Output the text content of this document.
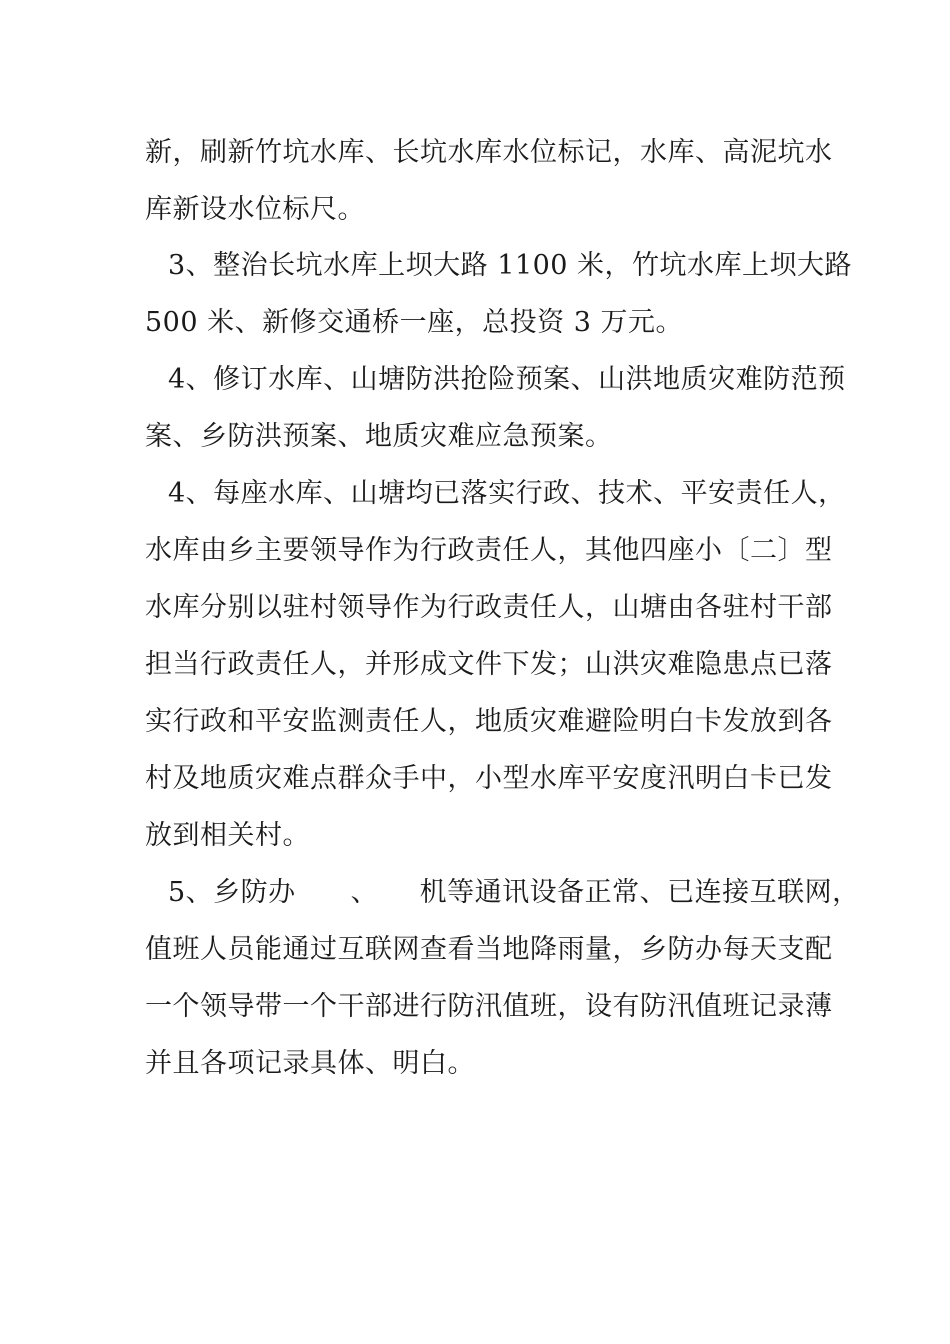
新，刷新竹坑水库、长坑水库水位标记，水库、高泥坑水
库新设水位标尺。
3、整治长坑水库上坝大路 1100 米，竹坑水库上坝大路
500 米、新修交通桥一座，总投资 3 万元。
4、修订水库、山塘防洪抢险预案、山洪地质灾难防范预
案、乡防洪预案、地质灾难应急预案。
4、每座水库、山塘均已落实行政、技术、平安责任人，
水库由乡主要领导作为行政责任人，其他四座小〔二〕型
水库分别以驻村领导作为行政责任人，山塘由各驻村干部
担当行政责任人，并形成文件下发；山洪灾难隐患点已落
实行政和平安监测责任人，地质灾难避险明白卡发放到各
村及地质灾难点群众手中，小型水库平安度汛明白卡已发
放到相关村。
5、乡防办　　、　　机等通讯设备正常、已连接互联网，
值班人员能通过互联网查看当地降雨量，乡防办每天支配
一个领导带一个干部进行防汛值班，设有防汛值班记录薄
并且各项记录具体、明白。
